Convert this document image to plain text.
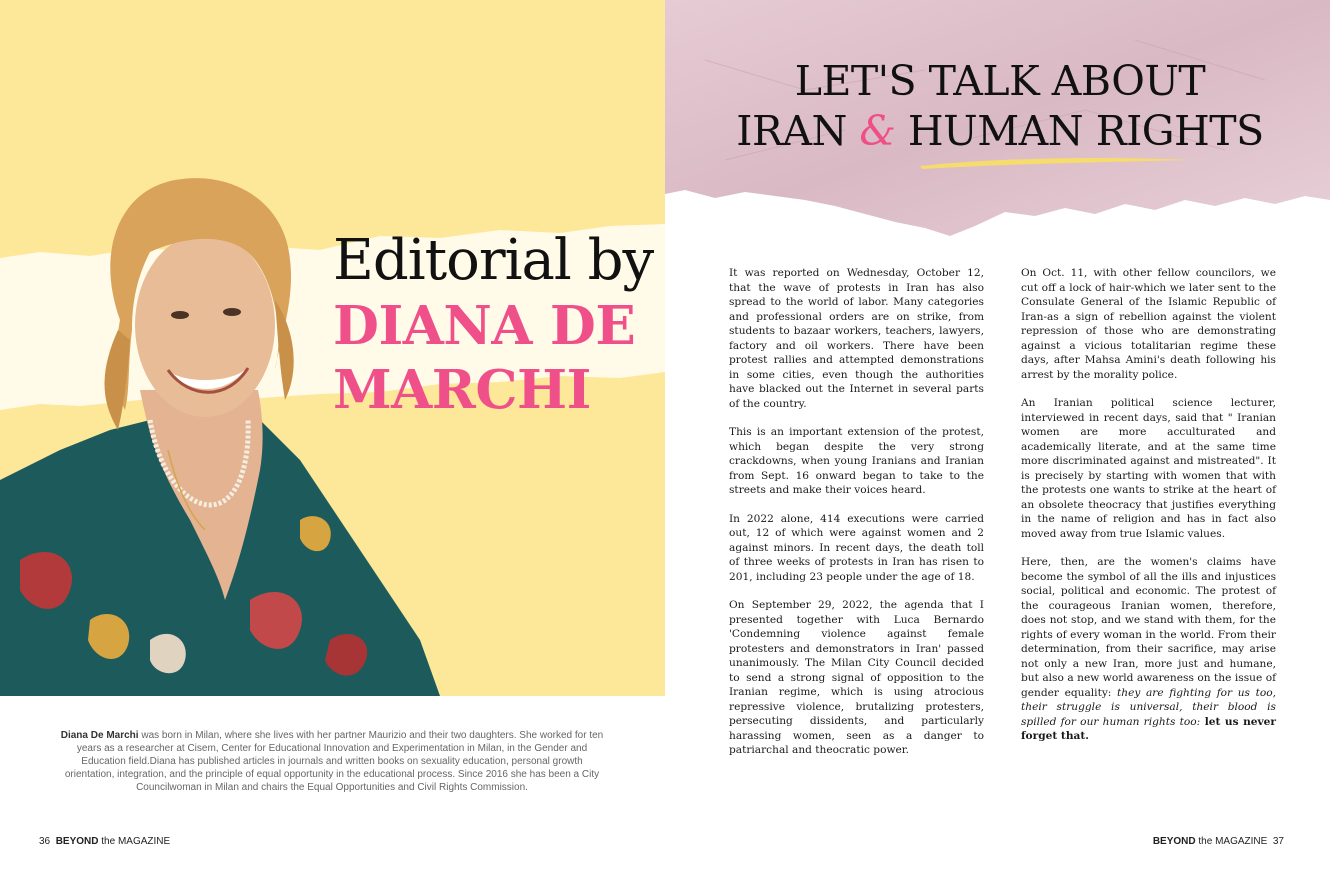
Editorial by
DIANA DE
MARCHI

Diana De Marchi was born in Milan, where she lives with her partner Maurizio and their two daughters. She worked for ten years as a researcher at Cisem, Center for Educational Innovation and Experimentation in Milan, in the Gender and Education field.Diana has published articles in journals and written books on sexuality education, personal growth orientation, integration, and the principle of equal opportunity in the educational process. Since 2016 she has been a City Councilwoman in Milan and chairs the Equal Opportunities and Civil Rights Commission.

36 BEYOND the MAGAZINE
LET'S TALK ABOUT
IRAN & HUMAN RIGHTS

It was reported on Wednesday, October 12, that the wave of protests in Iran has also spread to the world of labor. Many categories and professional orders are on strike, from students to bazaar workers, teachers, lawyers, factory and oil workers. There have been protest rallies and attempted demonstrations in some cities, even though the authorities have blacked out the Internet in several parts of the country.

This is an important extension of the protest, which began despite the very strong crackdowns, when young Iranians and Iranian from Sept. 16 onward began to take to the streets and make their voices heard.

In 2022 alone, 414 executions were carried out, 12 of which were against women and 2 against minors. In recent days, the death toll of three weeks of protests in Iran has risen to 201, including 23 people under the age of 18.

On September 29, 2022, the agenda that I presented together with Luca Bernardo 'Condemning violence against female protesters and demonstrators in Iran' passed unanimously. The Milan City Council decided to send a strong signal of opposition to the Iranian regime, which is using atrocious repressive violence, brutalizing protesters, persecuting dissidents, and particularly harassing women, seen as a danger to patriarchal and theocratic power.

On Oct. 11, with other fellow councilors, we cut off a lock of hair-which we later sent to the Consulate General of the Islamic Republic of Iran-as a sign of rebellion against the violent repression of those who are demonstrating against a vicious totalitarian regime these days, after Mahsa Amini's death following his arrest by the morality police.

An Iranian political science lecturer, interviewed in recent days, said that " Iranian women are more acculturated and academically literate, and at the same time more discriminated against and mistreated". It is precisely by starting with women that with the protests one wants to strike at the heart of an obsolete theocracy that justifies everything in the name of religion and has in fact also moved away from true Islamic values.

Here, then, are the women's claims have become the symbol of all the ills and injustices social, political and economic. The protest of the courageous Iranian women, therefore, does not stop, and we stand with them, for the rights of every woman in the world. From their determination, from their sacrifice, may arise not only a new Iran, more just and humane, but also a new world awareness on the issue of gender equality: they are fighting for us too, their struggle is universal, their blood is spilled for our human rights too: let us never forget that.

BEYOND the MAGAZINE 37
